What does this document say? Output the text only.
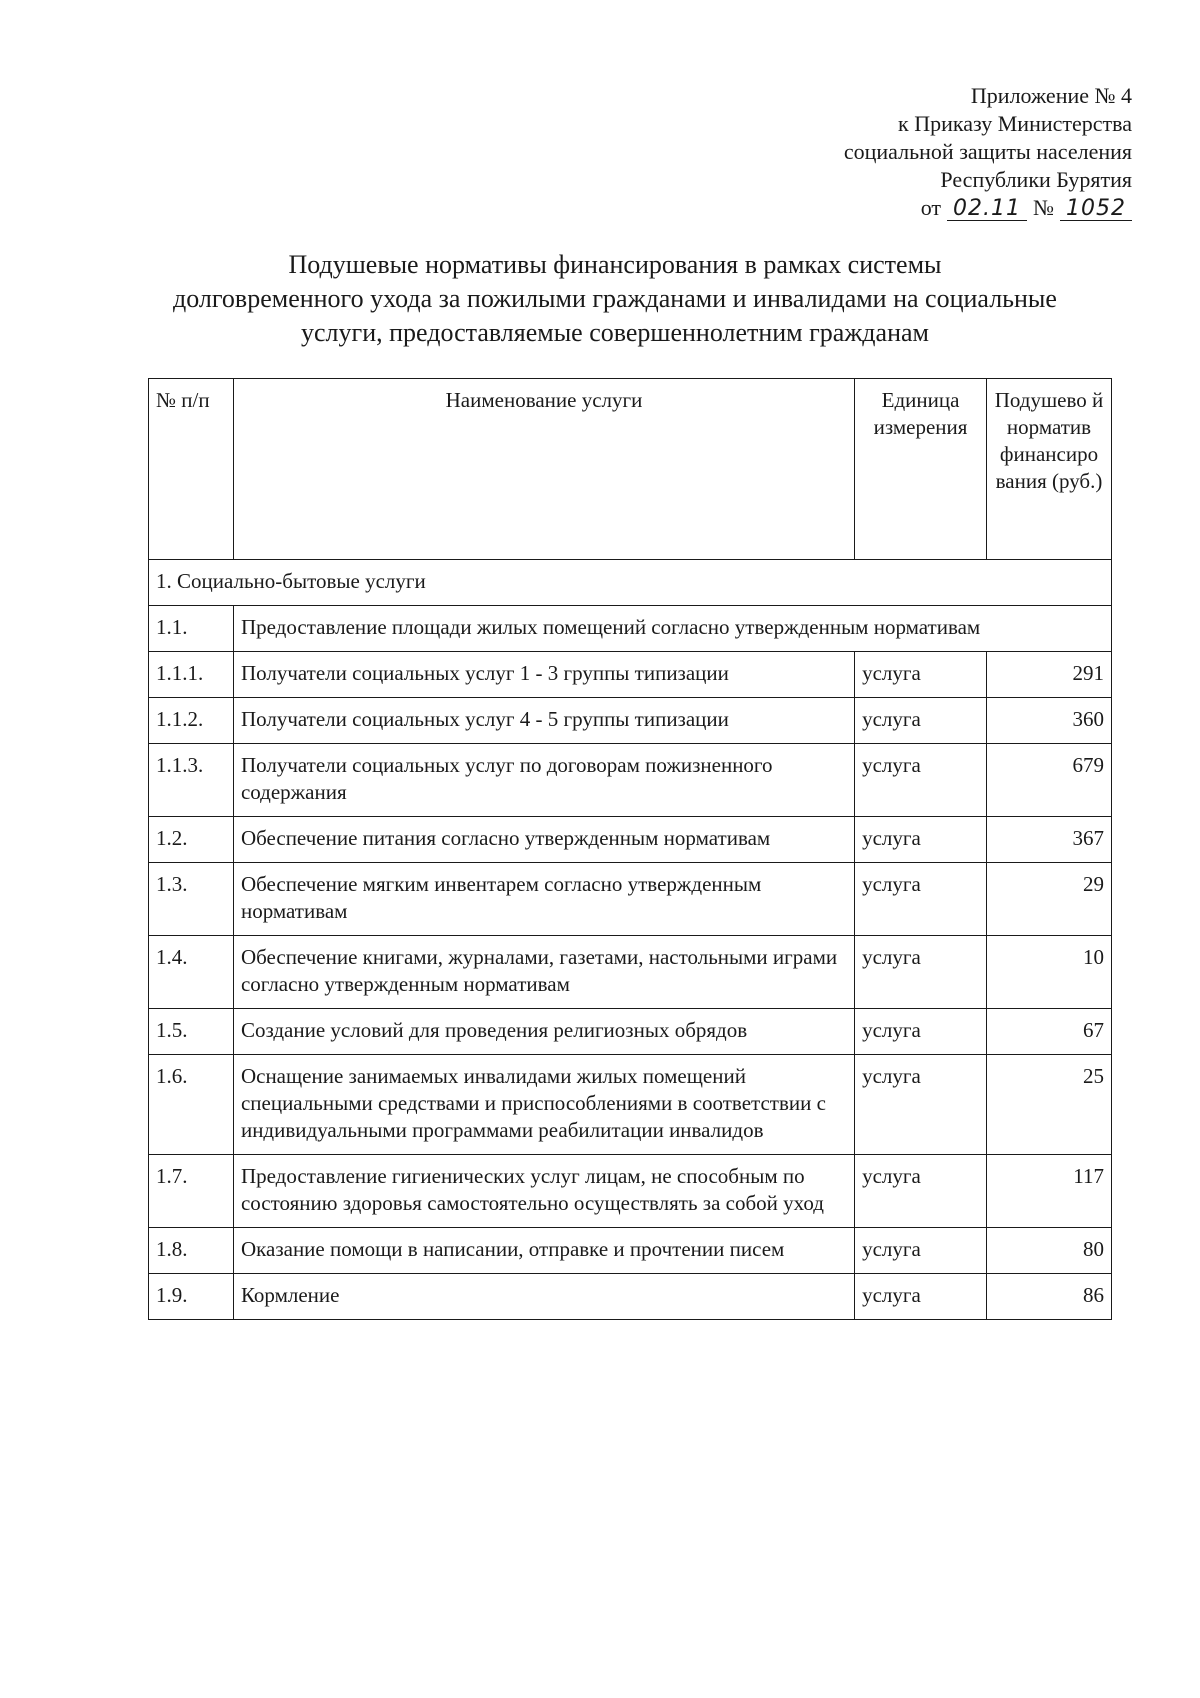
Приложение № 4
к Приказу Министерства
социальной защиты населения
Республики Бурятия
от 02.11 № 1052
Подушевые нормативы финансирования в рамках системы
долговременного ухода за пожилыми гражданами и инвалидами на социальные
услуги, предоставляемые совершеннолетним гражданам
№ п/п	Наименование услуги	Единица измерения	Подушево й норматив финансиро вания (руб.)
1. Социально-бытовые услуги			
1.1.	Предоставление площади жилых помещений согласно утвержденным нормативам		
1.1.1.	Получатели социальных услуг 1 - 3 группы типизации	услуга	291
1.1.2.	Получатели социальных услуг 4 - 5 группы типизации	услуга	360
1.1.3.	Получатели социальных услуг по договорам пожизненного содержания	услуга	679
1.2.	Обеспечение питания согласно утвержденным нормативам	услуга	367
1.3.	Обеспечение мягким инвентарем согласно утвержденным нормативам	услуга	29
1.4.	Обеспечение книгами, журналами, газетами, настольными играми согласно утвержденным нормативам	услуга	10
1.5.	Создание условий для проведения религиозных обрядов	услуга	67
1.6.	Оснащение занимаемых инвалидами жилых помещений специальными средствами и приспособлениями в соответствии с индивидуальными программами реабилитации инвалидов	услуга	25
1.7.	Предоставление гигиенических услуг лицам, не способным по состоянию здоровья самостоятельно осуществлять за собой уход	услуга	117
1.8.	Оказание помощи в написании, отправке и прочтении писем	услуга	80
1.9.	Кормление	услуга	86
